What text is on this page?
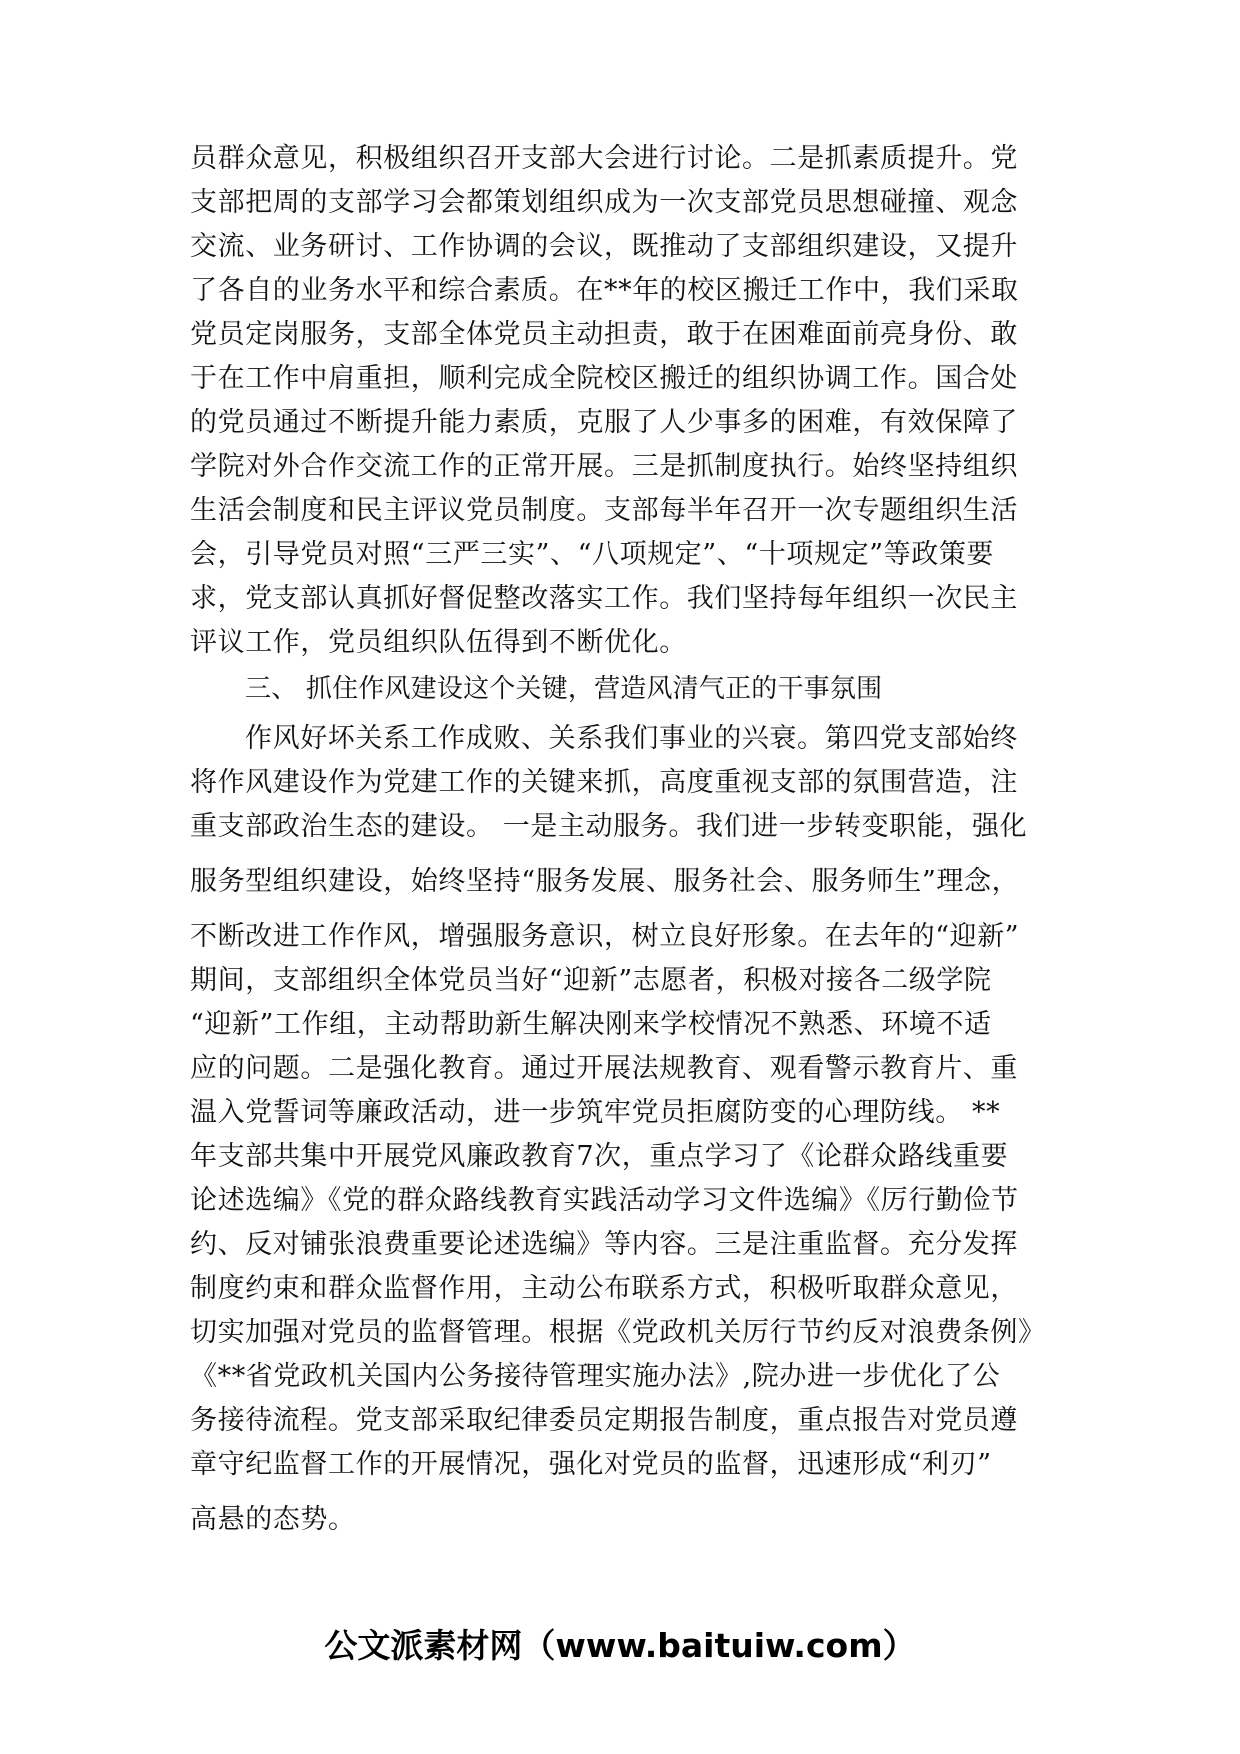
员群众意见，积极组织召开支部大会进行讨论。二是抓素质提升。党
支部把周的支部学习会都策划组织成为一次支部党员思想碰撞、观念
交流、业务研讨、工作协调的会议，既推动了支部组织建设，又提升
了各自的业务水平和综合素质。在**年的校区搬迁工作中，我们采取
党员定岗服务，支部全体党员主动担责，敢于在困难面前亮身份、敢
于在工作中肩重担，顺利完成全院校区搬迁的组织协调工作。国合处
的党员通过不断提升能力素质，克服了人少事多的困难，有效保障了
学院对外合作交流工作的正常开展。三是抓制度执行。始终坚持组织
生活会制度和民主评议党员制度。支部每半年召开一次专题组织生活
会，引导党员对照“三严三实”、“八项规定”、“十项规定”等政策要
求，党支部认真抓好督促整改落实工作。我们坚持每年组织一次民主
评议工作，党员组织队伍得到不断优化。
三、 抓住作风建设这个关键，营造风清气正的干事氛围
作风好坏关系工作成败、关系我们事业的兴衰。第四党支部始终
将作风建设作为党建工作的关键来抓，高度重视支部的氛围营造，注
重支部政治生态的建设。 一是主动服务。我们进一步转变职能，强化
服务型组织建设，始终坚持“服务发展、服务社会、服务师生”理念，
不断改进工作作风，增强服务意识，树立良好形象。在去年的“迎新”
期间，支部组织全体党员当好“迎新”志愿者，积极对接各二级学院
“迎新”工作组，主动帮助新生解决刚来学校情况不熟悉、环境不适
应的问题。二是强化教育。通过开展法规教育、观看警示教育片、重
温入党誓词等廉政活动，进一步筑牢党员拒腐防变的心理防线。 **
年支部共集中开展党风廉政教育7次，重点学习了《论群众路线重要
论述选编》《党的群众路线教育实践活动学习文件选编》《厉行勤俭节
约、反对铺张浪费重要论述选编》等内容。三是注重监督。充分发挥
制度约束和群众监督作用，主动公布联系方式，积极听取群众意见，
切实加强对党员的监督管理。根据《党政机关厉行节约反对浪费条例》
《**省党政机关国内公务接待管理实施办法》,院办进一步优化了公
务接待流程。党支部采取纪律委员定期报告制度，重点报告对党员遵
章守纪监督工作的开展情况，强化对党员的监督，迅速形成“利刃”
高悬的态势。
公文派素材网（www.baituiw.com）
